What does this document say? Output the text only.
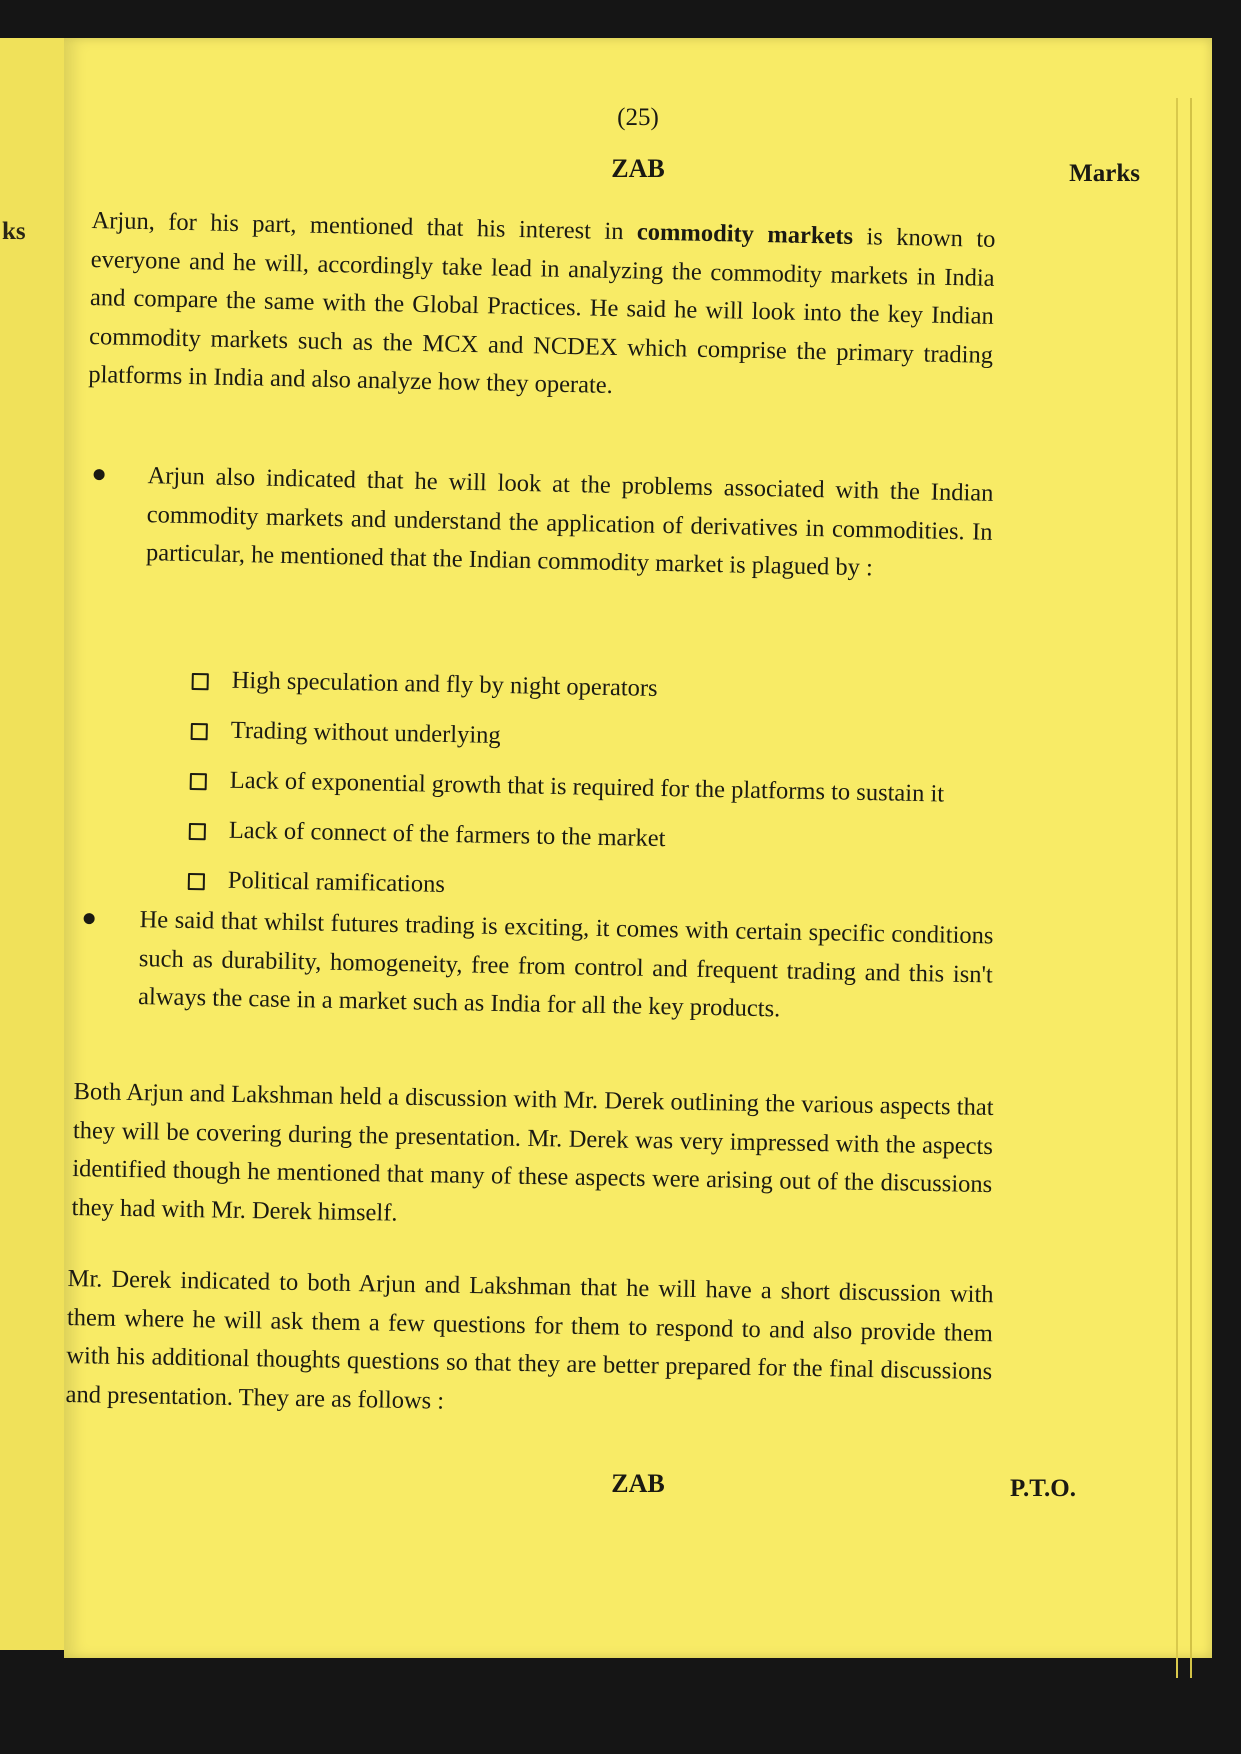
ks
(25)
ZAB	Marks

Arjun, for his part, mentioned that his interest in commodity markets is known to everyone and he will, accordingly take lead in analyzing the commodity markets in India and compare the same with the Global Practices. He said he will look into the key Indian commodity markets such as the MCX and NCDEX which comprise the primary trading platforms in India and also analyze how they operate.

Arjun also indicated that he will look at the problems associated with the Indian commodity markets and understand the application of derivatives in commodities. In particular, he mentioned that the Indian commodity market is plagued by :
High speculation and fly by night operators
Trading without underlying
Lack of exponential growth that is required for the platforms to sustain it
Lack of connect of the farmers to the market
Political ramifications
He said that whilst futures trading is exciting, it comes with certain specific conditions such as durability, homogeneity, free from control and frequent trading and this isn't always the case in a market such as India for all the key products.

Both Arjun and Lakshman held a discussion with Mr. Derek outlining the various aspects that they will be covering during the presentation. Mr. Derek was very impressed with the aspects identified though he mentioned that many of these aspects were arising out of the discussions they had with Mr. Derek himself.

Mr. Derek indicated to both Arjun and Lakshman that he will have a short discussion with them where he will ask them a few questions for them to respond to and also provide them with his additional thoughts questions so that they are better prepared for the final discussions and presentation. They are as follows :

ZAB	P.T.O.
